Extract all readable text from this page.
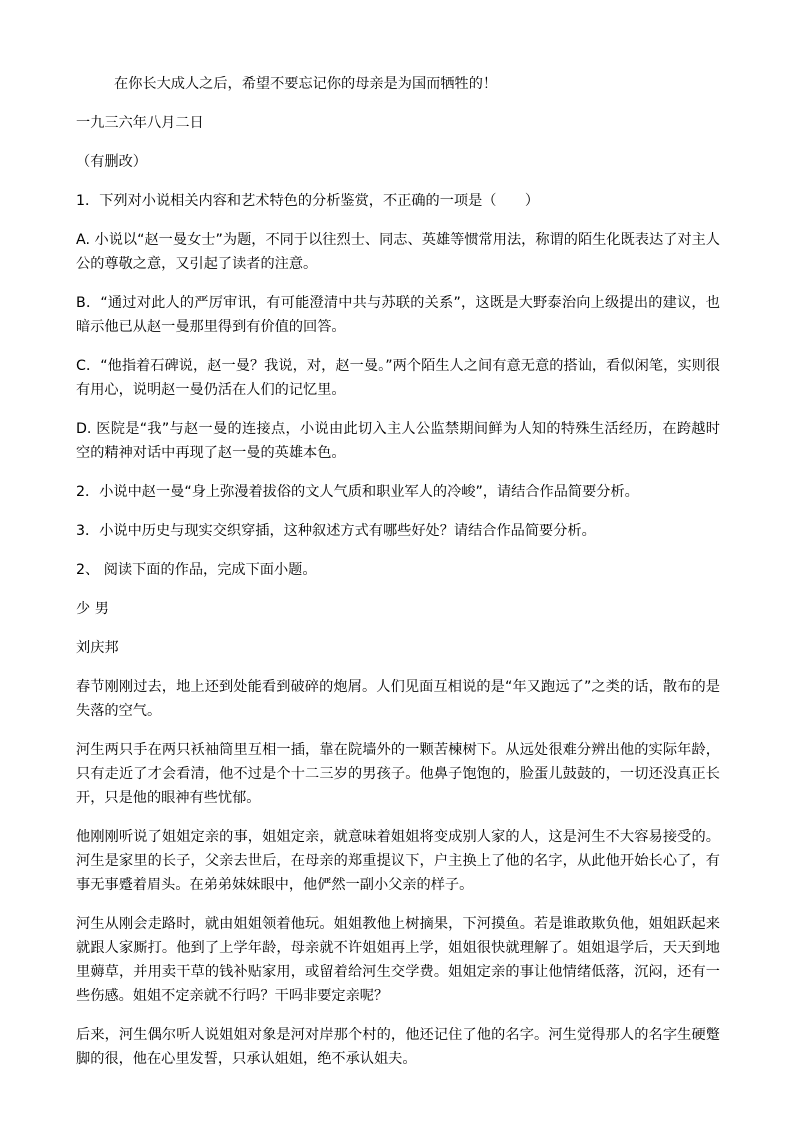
在你长大成人之后，希望不要忘记你的母亲是为国而牺牲的！

一九三六年八月二日

（有删改）

1．下列对小说相关内容和艺术特色的分析鉴赏，不正确的一项是（　　）

A. 小说以“赵一曼女士”为题，不同于以往烈士、同志、英雄等惯常用法，称谓的陌生化既表达了对主人公的尊敬之意，又引起了读者的注意。

B．“通过对此人的严厉审讯，有可能澄清中共与苏联的关系”，这既是大野泰治向上级提出的建议，也暗示他已从赵一曼那里得到有价值的回答。

C．“他指着石碑说，赵一曼？我说，对，赵一曼。”两个陌生人之间有意无意的搭讪，看似闲笔，实则很有用心，说明赵一曼仍活在人们的记忆里。

D. 医院是“我”与赵一曼的连接点，小说由此切入主人公监禁期间鲜为人知的特殊生活经历，在跨越时空的精神对话中再现了赵一曼的英雄本色。

2．小说中赵一曼“身上弥漫着拔俗的文人气质和职业军人的冷峻”，请结合作品简要分析。

3．小说中历史与现实交织穿插，这种叙述方式有哪些好处？请结合作品简要分析。

2、 阅读下面的作品，完成下面小题。

少 男

刘庆邦

春节刚刚过去，地上还到处能看到破碎的炮屑。人们见面互相说的是“年又跑远了”之类的话，散布的是失落的空气。

河生两只手在两只袄袖筒里互相一插，靠在院墙外的一颗苦楝树下。从远处很难分辨出他的实际年龄，只有走近了才会看清，他不过是个十二三岁的男孩子。他鼻子饱饱的，脸蛋儿鼓鼓的，一切还没真正长开，只是他的眼神有些忧郁。

他刚刚听说了姐姐定亲的事，姐姐定亲，就意味着姐姐将变成别人家的人，这是河生不大容易接受的。河生是家里的长子，父亲去世后，在母亲的郑重提议下，户主换上了他的名字，从此他开始长心了，有事无事蹙着眉头。在弟弟妹妹眼中，他俨然一副小父亲的样子。

河生从刚会走路时，就由姐姐领着他玩。姐姐教他上树摘果，下河摸鱼。若是谁敢欺负他，姐姐跃起来就跟人家厮打。他到了上学年龄，母亲就不许姐姐再上学，姐姐很快就理解了。姐姐退学后，天天到地里薅草，并用卖干草的钱补贴家用，或留着给河生交学费。姐姐定亲的事让他情绪低落，沉闷，还有一些伤感。姐姐不定亲就不行吗？干吗非要定亲呢？

后来，河生偶尔听人说姐姐对象是河对岸那个村的，他还记住了他的名字。河生觉得那人的名字生硬蹩脚的很，他在心里发誓，只承认姐姐，绝不承认姐夫。
